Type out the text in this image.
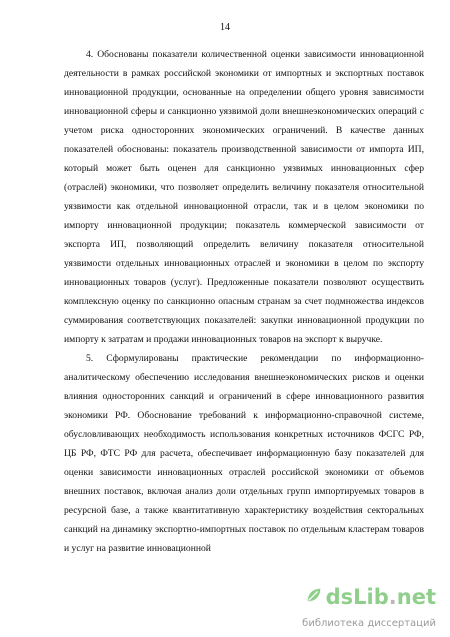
14

4. Обоснованы показатели количественной оценки зависимости инновационной деятельности в рамках российской экономики от импортных и экспортных поставок инновационной продукции, основанные на определении общего уровня зависимости инновационной сферы и санкционно уязвимой доли внешнеэкономических операций с учетом риска односторонних экономических ограничений. В качестве данных показателей обоснованы: показатель производственной зависимости от импорта ИП, который может быть оценен для санкционно уязвимых инновационных сфер (отраслей) экономики, что позволяет определить величину показателя относительной уязвимости как отдельной инновационной отрасли, так и в целом экономики по импорту инновационной продукции; показатель коммерческой зависимости от экспорта ИП, позволяющий определить величину показателя относительной уязвимости отдельных инновационных отраслей и экономики в целом по экспорту инновационных товаров (услуг). Предложенные показатели позволяют осуществить комплексную оценку по санкционно опасным странам за счет подмножества индексов суммирования соответствующих показателей: закупки инновационной продукции по импорту к затратам и продажи инновационных товаров на экспорт к выручке.

5. Сформулированы практические рекомендации по информационно-аналитическому обеспечению исследования внешнеэкономических рисков и оценки влияния односторонних санкций и ограничений в сфере инновационного развития экономики РФ. Обоснование требований к информационно-справочной системе, обусловливающих необходимость использования конкретных источников ФСГС РФ, ЦБ РФ, ФТС РФ для расчета, обеспечивает информационную базу показателей для оценки зависимости инновационных отраслей российской экономики от объемов внешних поставок, включая анализ доли отдельных групп импортируемых товаров в ресурсной базе, а также квантитативную характеристику воздействия секторальных санкций на динамику экспортно-импортных поставок по отдельным кластерам товаров и услуг на развитие инновационной

dsLib.net
библиотека диссертаций
